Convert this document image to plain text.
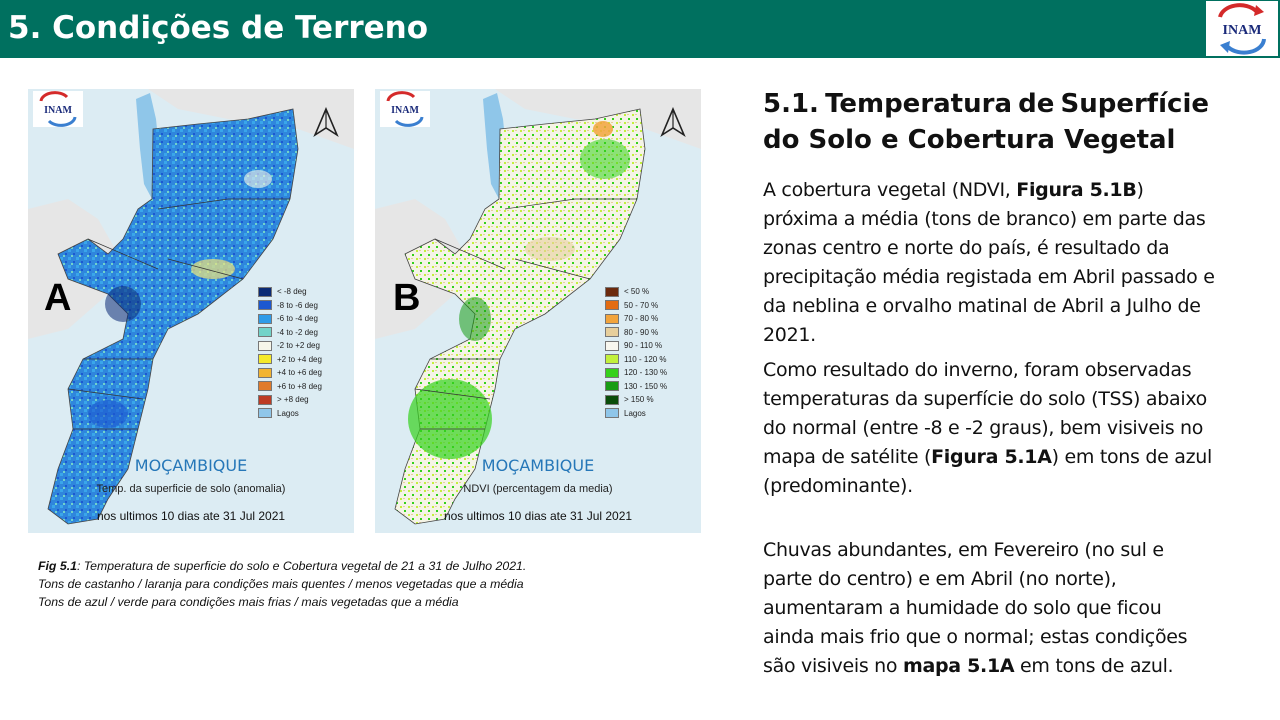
5. Condições de Terreno	INAM
INAM
A	< -8 deg
-8 to -6 deg
-6 to -4 deg
-4 to -2 deg
-2 to +2 deg
+2 to +4 deg
+4 to +6 deg
+6 to +8 deg
> +8 deg
Lagos
MOÇAMBIQUE
Temp. da superficie de solo (anomalia)
nos ultimos 10 dias ate 31 Jul 2021
INAM
B	< 50 %
50 - 70 %
70 - 80 %
80 - 90 %
90 - 110 %
110 - 120 %
120 - 130 %
130 - 150 %
> 150 %
Lagos
MOÇAMBIQUE
NDVI (percentagem da media)
nos ultimos 10 dias ate 31 Jul 2021
Fig 5.1: Temperatura de superficie do solo e Cobertura vegetal de 21 a 31 de Julho 2021.
Tons de castanho / laranja para condições mais quentes / menos vegetadas que a média
Tons de azul / verde para condições mais frias / mais vegetadas que a média
5.1. Temperatura de Superfície
do Solo e Cobertura Vegetal
A cobertura vegetal (NDVI, Figura 5.1B) próxima a média (tons de branco) em parte das zonas centro e norte do país, é resultado da precipitação média registada em Abril passado e da neblina e orvalho matinal de Abril a Julho de 2021.
Como resultado do inverno, foram observadas temperaturas da superfície do solo (TSS) abaixo do normal (entre -8 e -2 graus), bem visiveis no mapa de satélite (Figura 5.1A) em tons de azul (predominante).
Chuvas abundantes, em Fevereiro (no sul e parte do centro) e em Abril (no norte), aumentaram a humidade do solo que ficou ainda mais frio que o normal; estas condições são visiveis no mapa 5.1A em tons de azul.
